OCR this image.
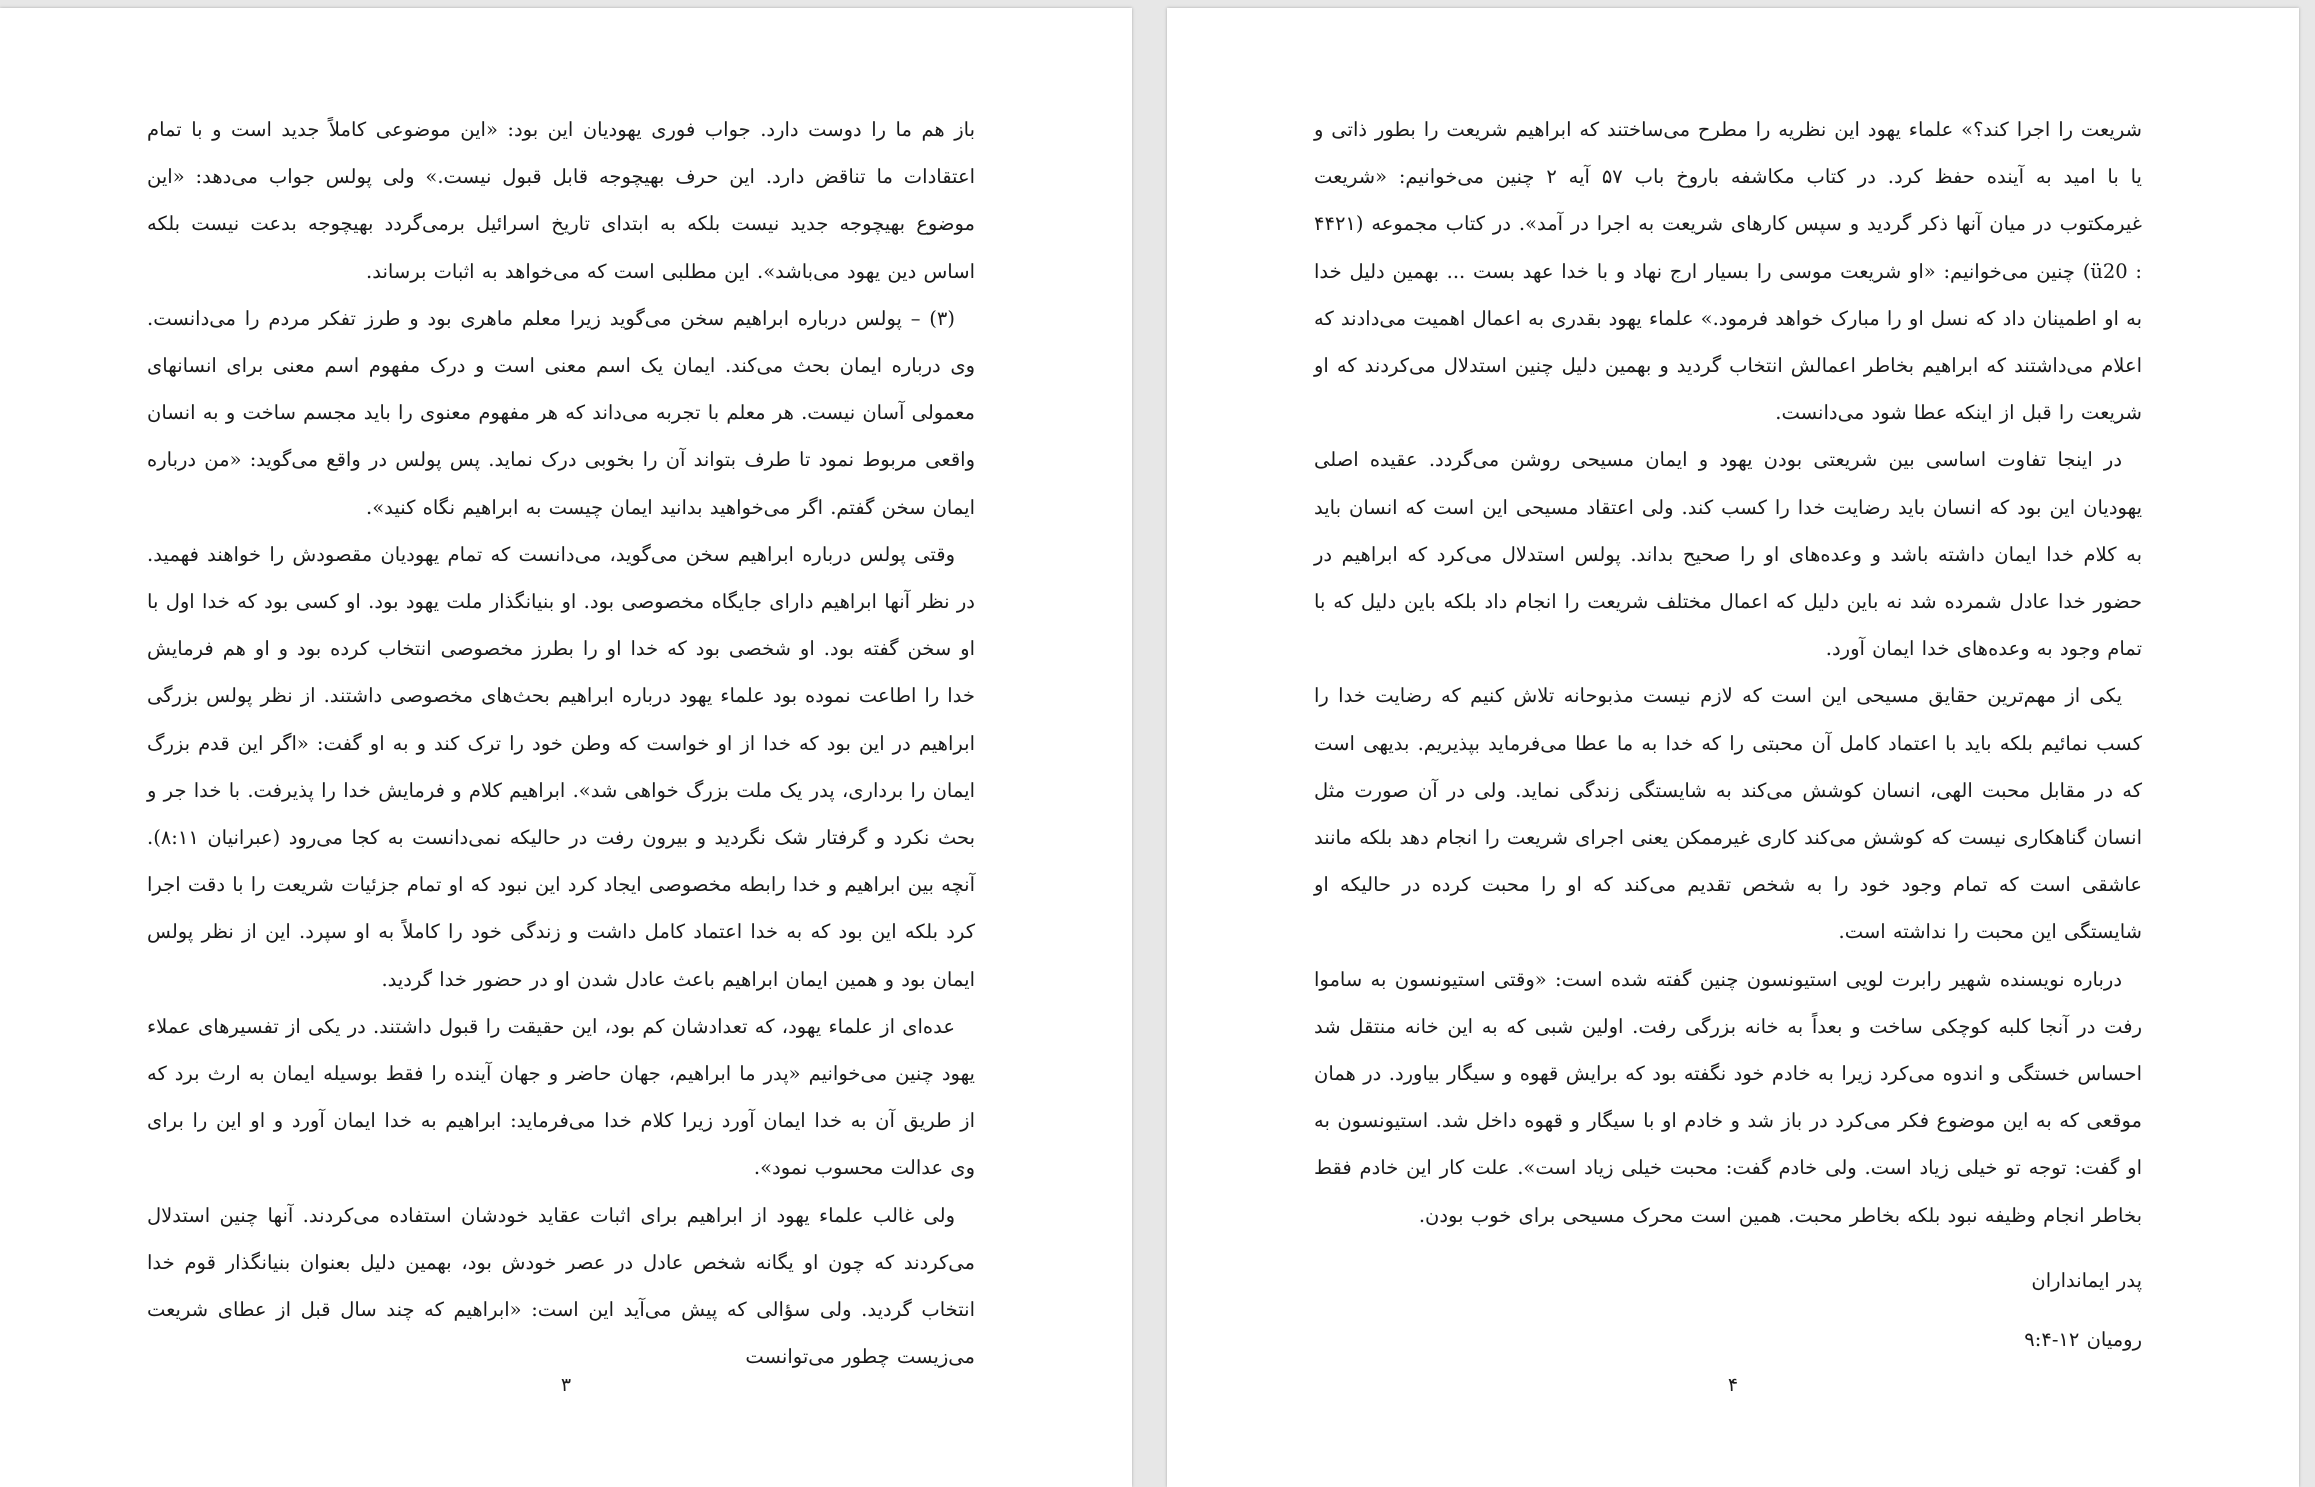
باز هم ما را دوست دارد. جواب فوری یهودیان این بود: «این موضوعی کاملاً جدید است و با تمام اعتقادات ما تناقض دارد. این حرف بهیچوجه قابل قبول نیست.» ولی پولس جواب می‌دهد: «این موضوع بهیچوجه جدید نیست بلکه به ابتدای تاریخ اسرائیل برمی‌گردد بهیچوجه بدعت نیست بلکه اساس دین یهود می‌باشد». این مطلبی است که می‌خواهد به اثبات برساند.

(۳) – پولس درباره ابراهیم سخن می‌گوید زیرا معلم ماهری بود و طرز تفکر مردم را می‌دانست. وی درباره ایمان بحث می‌کند. ایمان یک اسم معنی است و درک مفهوم اسم معنی برای انسانهای معمولی آسان نیست. هر معلم با تجربه می‌داند که هر مفهوم معنوی را باید مجسم ساخت و به انسان واقعی مربوط نمود تا طرف بتواند آن را بخوبی درک نماید. پس پولس در واقع می‌گوید: «من درباره ایمان سخن گفتم. اگر می‌خواهید بدانید ایمان چیست به ابراهیم نگاه کنید».

وقتی پولس درباره ابراهیم سخن می‌گوید، می‌دانست که تمام یهودیان مقصودش را خواهند فهمید. در نظر آنها ابراهیم دارای جایگاه مخصوصی بود. او بنیانگذار ملت یهود بود. او کسی بود که خدا اول با او سخن گفته بود. او شخصی بود که خدا او را بطرز مخصوصی انتخاب کرده بود و او هم فرمایش خدا را اطاعت نموده بود علماء یهود درباره ابراهیم بحث‌های مخصوصی داشتند. از نظر پولس بزرگی ابراهیم در این بود که خدا از او خواست که وطن خود را ترک کند و به او گفت: «اگر این قدم بزرگ ایمان را برداری، پدر یک ملت بزرگ خواهی شد». ابراهیم کلام و فرمایش خدا را پذیرفت. با خدا جر و بحث نکرد و گرفتار شک نگردید و بیرون رفت در حالیکه نمی‌دانست به کجا می‌رود (عبرانیان ۸:۱۱). آنچه بین ابراهیم و خدا رابطه مخصوصی ایجاد کرد این نبود که او تمام جزئیات شریعت را با دقت اجرا کرد بلکه این بود که به خدا اعتماد کامل داشت و زندگی خود را کاملاً به او سپرد. این از نظر پولس ایمان بود و همین ایمان ابراهیم باعث عادل شدن او در حضور خدا گردید.

عده‌ای از علماء یهود، که تعدادشان کم بود، این حقیقت را قبول داشتند. در یکی از تفسیرهای عملاء یهود چنین می‌خوانیم «پدر ما ابراهیم، جهان حاضر و جهان آینده را فقط بوسیله ایمان به ارث برد که از طریق آن به خدا ایمان آورد زیرا کلام خدا می‌فرماید: ابراهیم به خدا ایمان آورد و او این را برای وی عدالت محسوب نمود».

ولی غالب علماء یهود از ابراهیم برای اثبات عقاید خودشان استفاده می‌کردند. آنها چنین استدلال می‌کردند که چون او یگانه شخص عادل در عصر خودش بود، بهمین دلیل بعنوان بنیانگذار قوم خدا انتخاب گردید. ولی سؤالی که پیش می‌آید این است: «ابراهیم که چند سال قبل از عطای شریعت می‌زیست چطور می‌توانست

۳

شریعت را اجرا کند؟» علماء یهود این نظریه را مطرح می‌ساختند که ابراهیم شریعت را بطور ذاتی و یا با امید به آینده حفظ کرد. در کتاب مکاشفه باروخ باب ۵۷ آیه ۲ چنین می‌خوانیم: «شریعت غیرمکتوب در میان آنها ذکر گردید و سپس کارهای شریعت به اجرا در آمد». در کتاب مجموعه (۴۴۲۱ : ü20) چنین می‌خوانیم: «او شریعت موسی را بسیار ارج نهاد و با خدا عهد بست ... بهمین دلیل خدا به او اطمینان داد که نسل او را مبارک خواهد فرمود.» علماء یهود بقدری به اعمال اهمیت می‌دادند که اعلام می‌داشتند که ابراهیم بخاطر اعمالش انتخاب گردید و بهمین دلیل چنین استدلال می‌کردند که او شریعت را قبل از اینکه عطا شود می‌دانست.

در اینجا تفاوت اساسی بین شریعتی بودن یهود و ایمان مسیحی روشن می‌گردد. عقیده اصلی یهودیان این بود که انسان باید رضایت خدا را کسب کند. ولی اعتقاد مسیحی این است که انسان باید به کلام خدا ایمان داشته باشد و وعده‌های او را صحیح بداند. پولس استدلال می‌کرد که ابراهیم در حضور خدا عادل شمرده شد نه باین دلیل که اعمال مختلف شریعت را انجام داد بلکه باین دلیل که با تمام وجود به وعده‌های خدا ایمان آورد.

یکی از مهم‌ترین حقایق مسیحی این است که لازم نیست مذبوحانه تلاش کنیم که رضایت خدا را کسب نمائیم بلکه باید با اعتماد کامل آن محبتی را که خدا به ما عطا می‌فرماید بپذیریم. بدیهی است که در مقابل محبت الهی، انسان کوشش می‌کند به شایستگی زندگی نماید. ولی در آن صورت مثل انسان گناهکاری نیست که کوشش می‌کند کاری غیرممکن یعنی اجرای شریعت را انجام دهد بلکه مانند عاشقی است که تمام وجود خود را به شخص تقدیم می‌کند که او را محبت کرده در حالیکه او شایستگی این محبت را نداشته است.

درباره نویسنده شهیر رابرت لویی استیونسون چنین گفته شده است: «وقتی استیونسون به ساموا رفت در آنجا کلبه کوچکی ساخت و بعداً به خانه بزرگی رفت. اولین شبی که به این خانه منتقل شد احساس خستگی و اندوه می‌کرد زیرا به خادم خود نگفته بود که برایش قهوه و سیگار بیاورد. در همان موقعی که به این موضوع فکر می‌کرد در باز شد و خادم او با سیگار و قهوه داخل شد. استیونسون به او گفت: توجه تو خیلی زیاد است. ولی خادم گفت: محبت خیلی زیاد است». علت کار این خادم فقط بخاطر انجام وظیفه نبود بلکه بخاطر محبت. همین است محرک مسیحی برای خوب بودن.

پدر ایمانداران

رومیان ۱۲-۹:۴

۴
